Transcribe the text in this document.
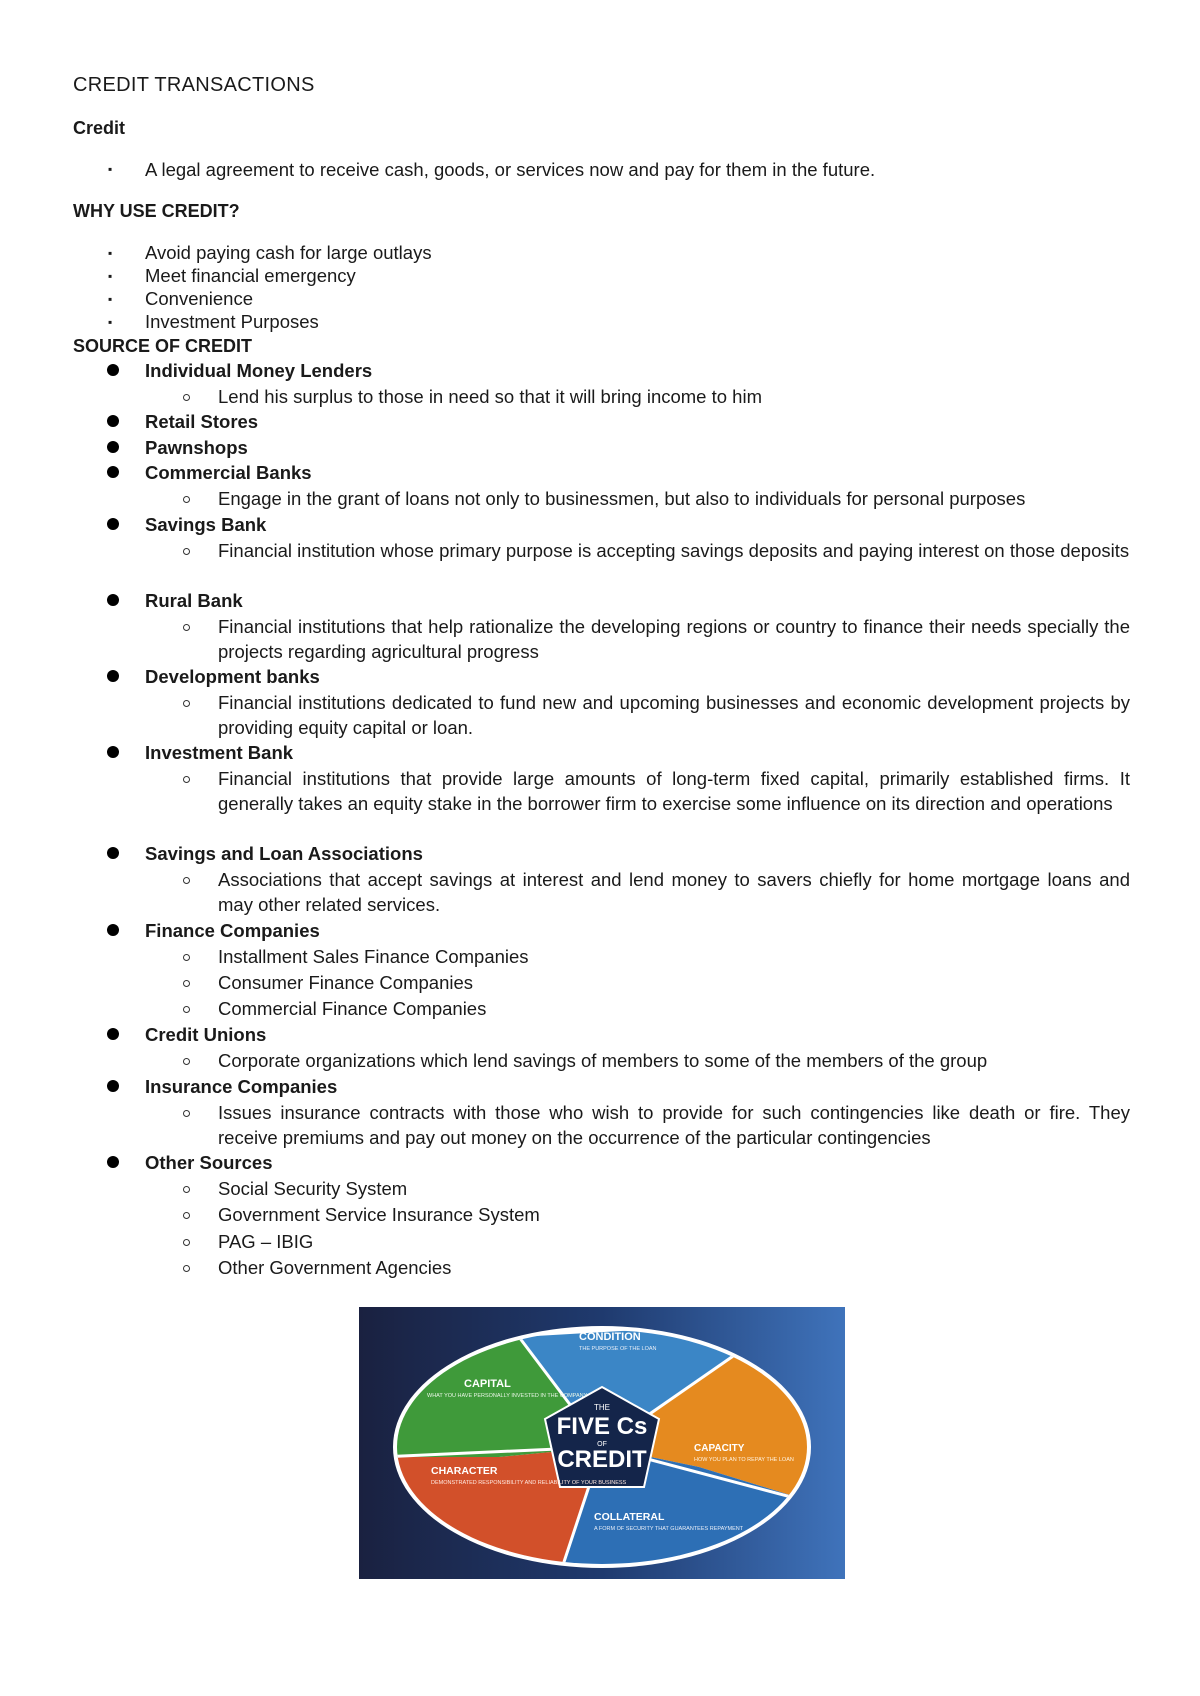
CREDIT TRANSACTIONS
Credit
▪ A legal agreement to receive cash, goods, or services now and pay for them in the future.

WHY USE CREDIT?
▪ Avoid paying cash for large outlays

▪ Meet financial emergency

▪ Convenience

▪ Investment Purposes

SOURCE OF CREDIT

Individual Money Lenders

Lend his surplus to those in need so that it will bring income to him

Retail Stores

Pawnshops

Commercial Banks

Engage in the grant of loans not only to businessmen, but also to individuals for personal purposes

Savings Bank

Financial institution whose primary purpose is accepting savings deposits and paying interest on those deposits

Rural Bank

Financial institutions that help rationalize the developing regions or country to finance their needs specially the projects regarding agricultural progress

Development banks

Financial institutions dedicated to fund new and upcoming businesses and economic development projects by providing equity capital or loan.

Investment Bank

Financial institutions that provide large amounts of long-term fixed capital, primarily established firms. It generally takes an equity stake in the borrower firm to exercise some influence on its direction and operations

Savings and Loan Associations

Associations that accept savings at interest and lend money to savers chiefly for home mortgage loans and may other related services.

Finance Companies

Installment Sales Finance Companies

Consumer Finance Companies

Commercial Finance Companies

Credit Unions

Corporate organizations which lend savings of members to some of the members of the group

Insurance Companies

Issues insurance contracts with those who wish to provide for such contingencies like death or fire. They receive premiums and pay out money on the occurrence of the particular contingencies

Other Sources

Social Security System

Government Service Insurance System

PAG – IBIG

Other Government Agencies

THE
FIVE Cs
OF
CREDIT
CONDITION
THE PURPOSE OF THE LOAN
CAPACITY
HOW YOU PLAN TO REPAY THE LOAN
COLLATERAL
A FORM OF SECURITY THAT GUARANTEES REPAYMENT
CHARACTER
DEMONSTRATED RESPONSIBILITY AND RELIABILITY OF YOUR BUSINESS
CAPITAL
WHAT YOU HAVE PERSONALLY INVESTED IN THE COMPANY
